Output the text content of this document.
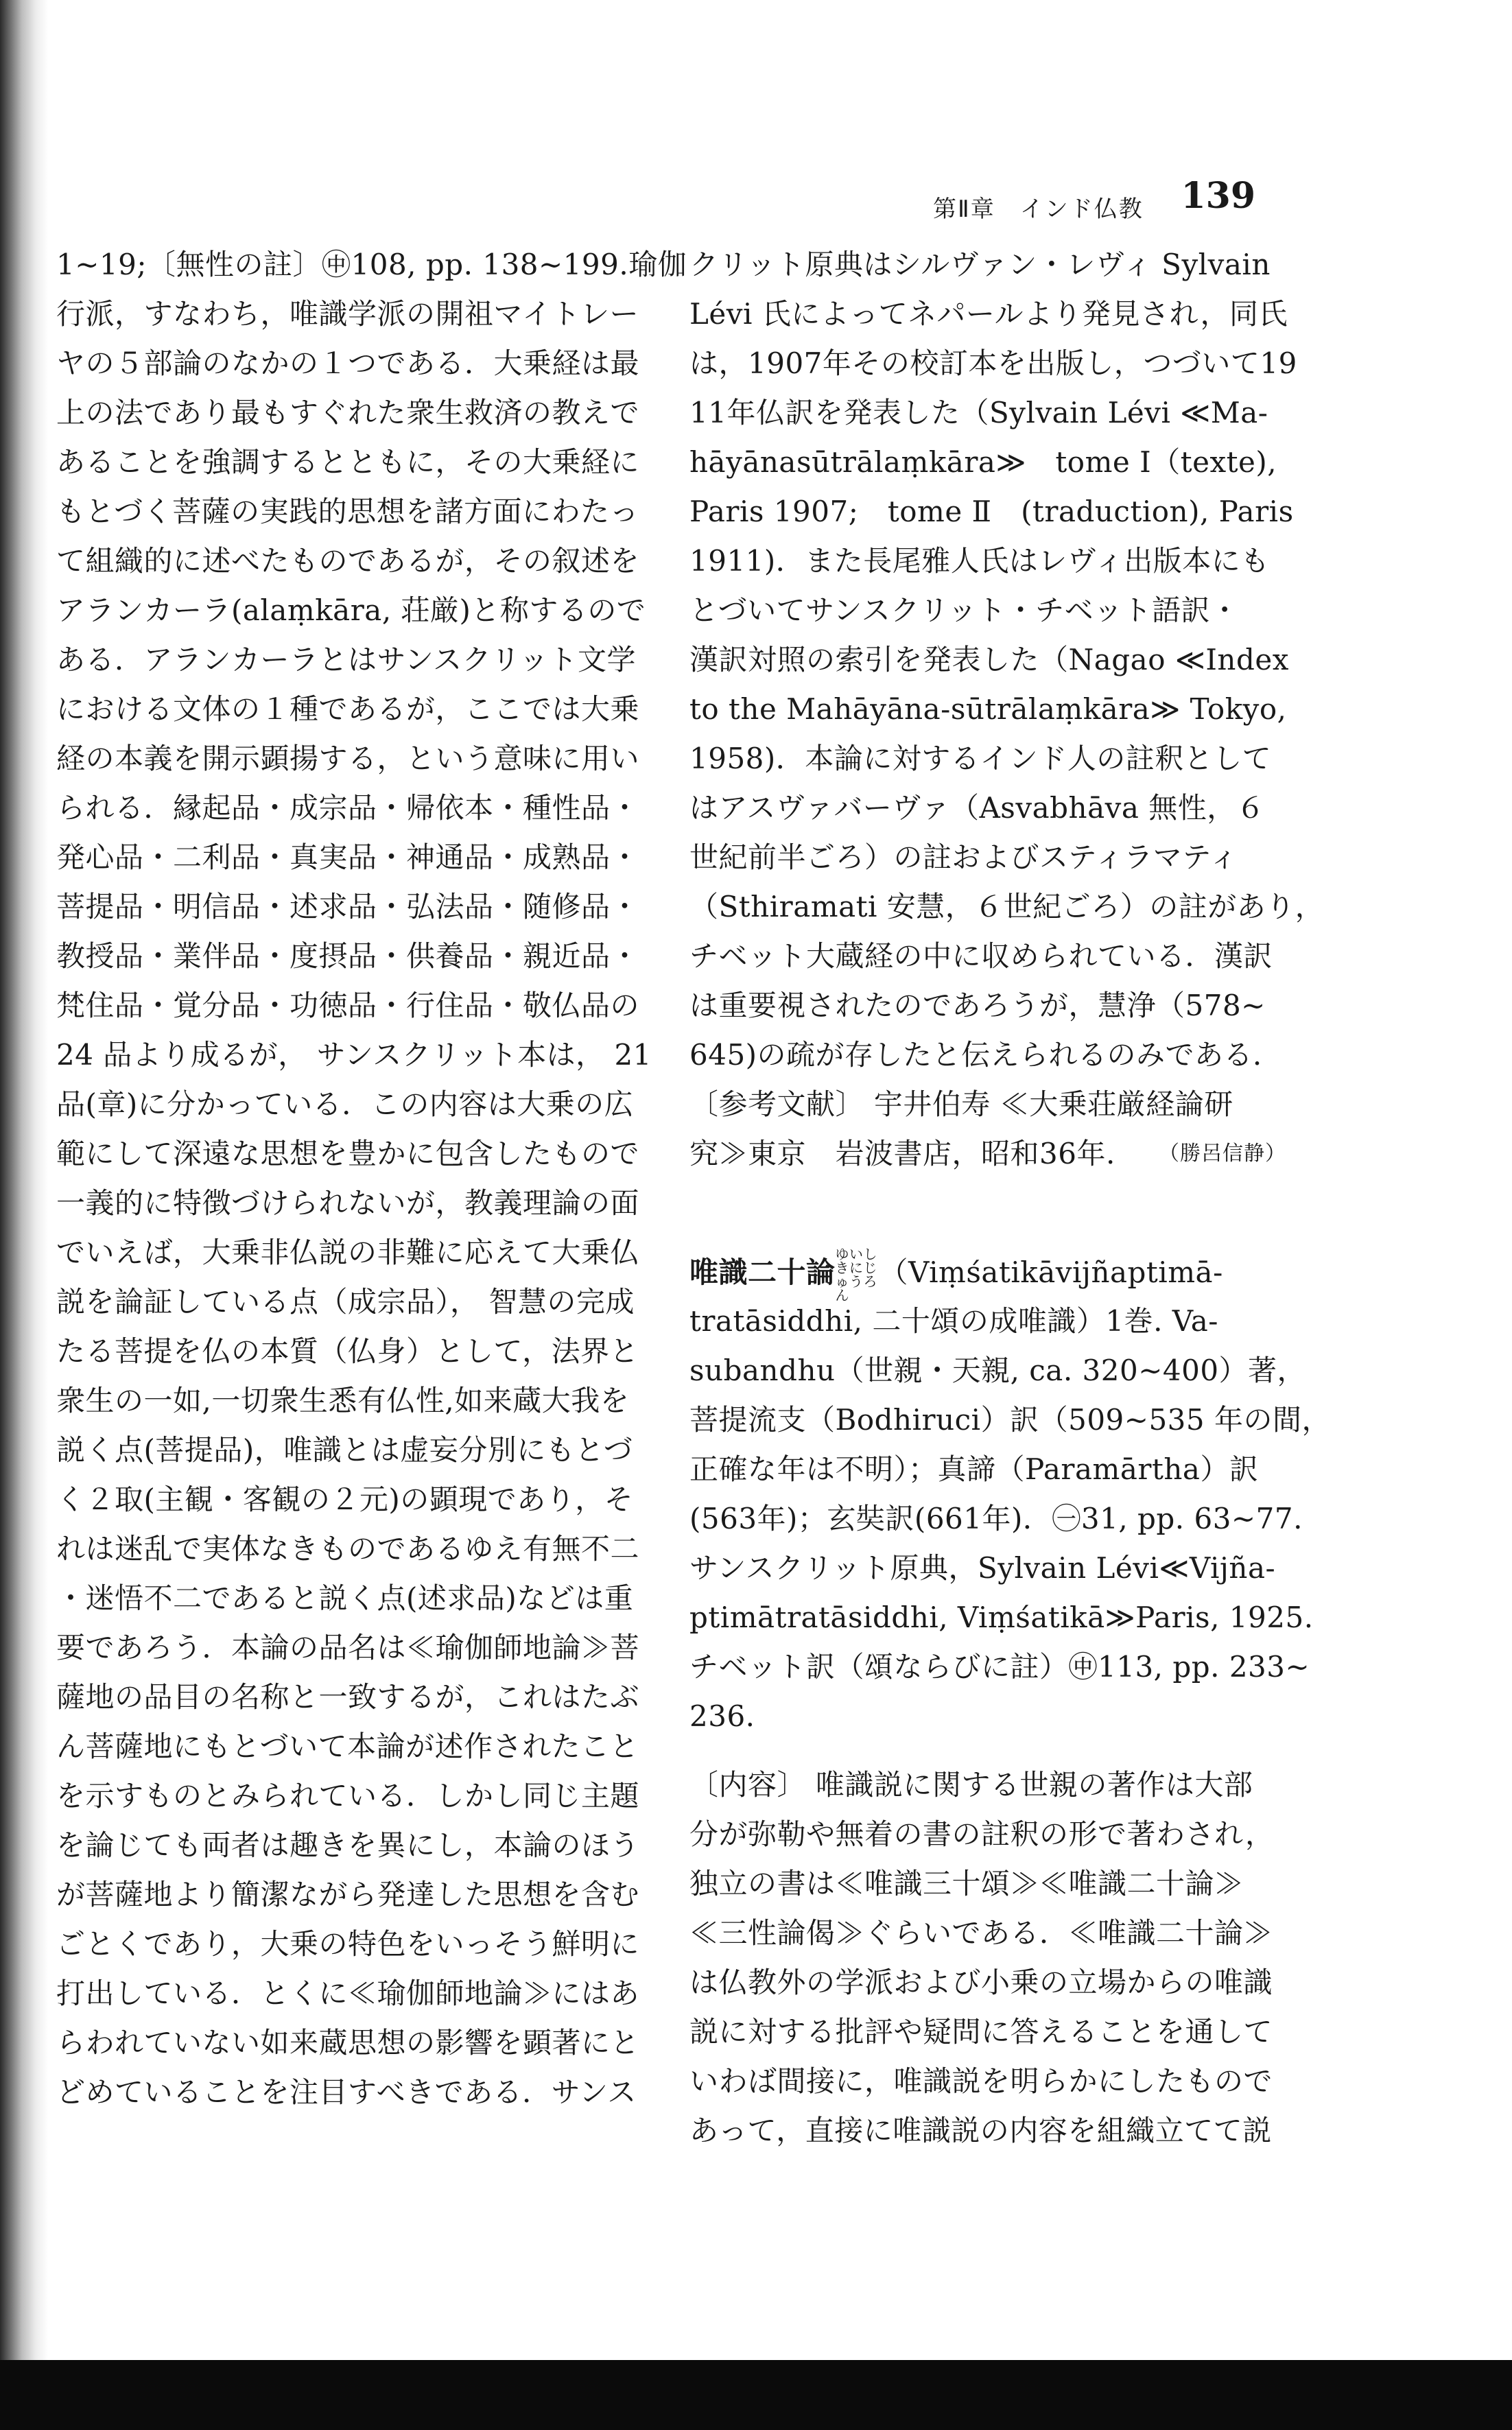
第Ⅱ章　インド仏教 139
1~19;〔無性の註〕㊥108, pp. 138~199.瑜伽
行派，すなわち，唯識学派の開祖マイトレー
ヤの５部論のなかの１つである．大乗経は最
上の法であり最もすぐれた衆生救済の教えで
あることを強調するとともに，その大乗経に
もとづく菩薩の実践的思想を諸方面にわたっ
て組織的に述べたものであるが，その叙述を
アランカーラ(alaṃkāra, 荘厳)と称するので
ある．アランカーラとはサンスクリット文学
における文体の１種であるが，ここでは大乗
経の本義を開示顕揚する，という意味に用い
られる．縁起品・成宗品・帰依本・種性品・
発心品・二利品・真実品・神通品・成熟品・
菩提品・明信品・述求品・弘法品・随修品・
教授品・業伴品・度摂品・供養品・親近品・
梵住品・覚分品・功徳品・行住品・敬仏品の
24 品より成るが， サンスクリット本は， 21
品(章)に分かっている．この内容は大乗の広
範にして深遠な思想を豊かに包含したもので
一義的に特徴づけられないが，教義理論の面
でいえば，大乗非仏説の非難に応えて大乗仏
説を論証している点（成宗品）， 智慧の完成
たる菩提を仏の本質（仏身）として，法界と
衆生の一如,一切衆生悉有仏性,如来蔵大我を
説く点(菩提品)，唯識とは虚妄分別にもとづ
く２取(主観・客観の２元)の顕現であり，そ
れは迷乱で実体なきものであるゆえ有無不二
・迷悟不二であると説く点(述求品)などは重
要であろう．本論の品名は≪瑜伽師地論≫菩
薩地の品目の名称と一致するが，これはたぶ
ん菩薩地にもとづいて本論が述作されたこと
を示すものとみられている．しかし同じ主題
を論じても両者は趣きを異にし，本論のほう
が菩薩地より簡潔ながら発達した思想を含む
ごとくであり，大乗の特色をいっそう鮮明に
打出している．とくに≪瑜伽師地論≫にはあ
らわれていない如来蔵思想の影響を顕著にと
どめていることを注目すべきである．サンス
クリット原典はシルヴァン・レヴィ Sylvain
Lévi 氏によってネパールより発見され，同氏
は，1907年その校訂本を出版し，つづいて19
11年仏訳を発表した（Sylvain Lévi ≪Ma-
hāyānasūtrālaṃkāra≫　tome Ⅰ（texte),
Paris 1907;　tome Ⅱ　(traduction), Paris
1911)．また長尾雅人氏はレヴィ出版本にも
とづいてサンスクリット・チベット語訳・
漢訳対照の索引を発表した（Nagao ≪Index
to the Mahāyāna-sūtrālaṃkāra≫ Tokyo,
1958)．本論に対するインド人の註釈として
はアスヴァバーヴァ（Asvabhāva 無性，６
世紀前半ごろ）の註およびスティラマティ
（Sthiramati 安慧，６世紀ごろ）の註があり，
チベット大蔵経の中に収められている．漢訳
は重要視されたのであろうが，慧浄（578~
645)の疏が存したと伝えられるのみである．
〔参考文献〕 宇井伯寿 ≪大乗荘厳経論研
究≫東京　岩波書店，昭和36年. （勝呂信静）
唯識二十論ゆいしきにじゅうろん（Viṃśatikāvijñaptimā-
tratāsiddhi, 二十頌の成唯識）1巻. Va-
subandhu（世親・天親, ca. 320~400）著，
菩提流支（Bodhiruci）訳（509~535 年の間，
正確な年は不明）；真諦（Paramārtha）訳
(563年)；玄奘訳(661年)．㊀31, pp. 63~77.
サンスクリット原典，Sylvain Lévi≪Vijña-
ptimātratāsiddhi, Viṃśatikā≫Paris, 1925.
チベット訳（頌ならびに註）㊥113, pp. 233~
236.
〔内容〕 唯識説に関する世親の著作は大部
分が弥勒や無着の書の註釈の形で著わされ，
独立の書は≪唯識三十頌≫≪唯識二十論≫
≪三性論偈≫ぐらいである．≪唯識二十論≫
は仏教外の学派および小乗の立場からの唯識
説に対する批評や疑問に答えることを通して
いわば間接に，唯識説を明らかにしたもので
あって，直接に唯識説の内容を組織立てて説
